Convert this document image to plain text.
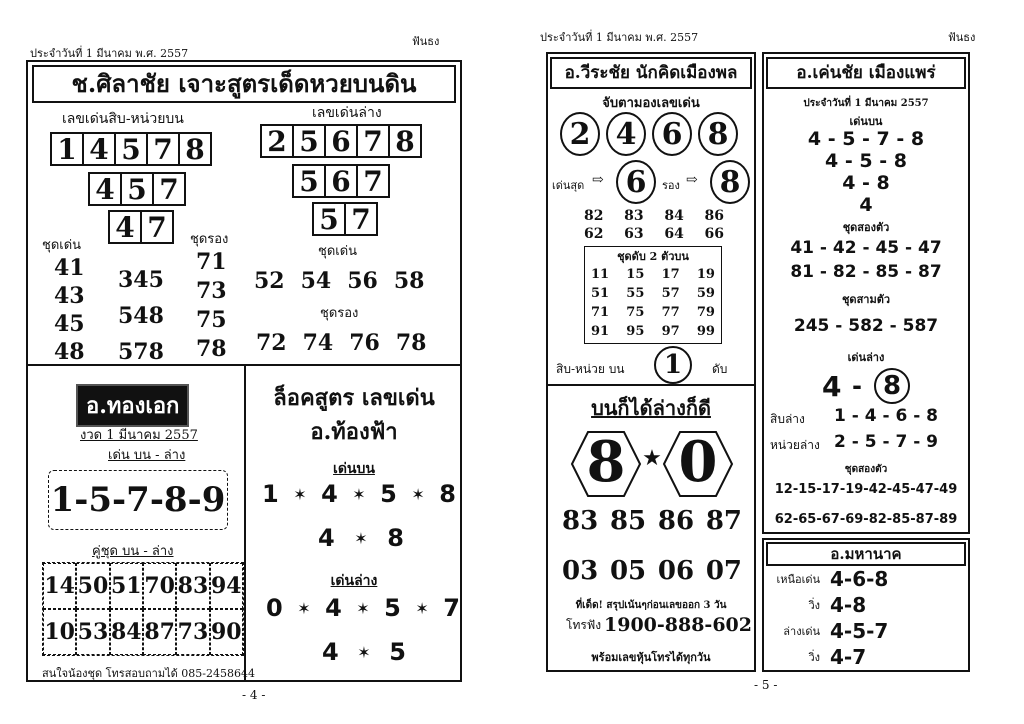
ประจำวันที่ 1 มีนาคม พ.ศ. 2557
ฟันธง
ช.ศิลาชัย เจาะสูตรเด็ดหวยบนดิน
เลขเด่นสิบ-หน่วยบน
1 4 5 7 8
4 5 7
4 7
เลขเด่นล่าง
2 5 6 7 8
5 6 7
5 7
ชุดเด่น	ชุดรอง
ชุดเด่น
ชุดรอง
41
43
45
48
345
548
578
71
73
75
78
52 54 56 58
72 74 76 78
อ.ทองเอก
งวด 1 มีนาคม 2557
เด่น บน - ล่าง
1-5-7-8-9
คู่ชุด บน - ล่าง
14 50 51 70 83 94
10 53 84 87 73 90
สนใจน้องชุด โทรสอบถามได้ 085-2458644
ล็อคสูตร เลขเด่น
อ.ท้องฟ้า
เด่นบน
1 ✶ 4 ✶ 5 ✶ 8
4 ✶ 8
เด่นล่าง
0 ✶ 4 ✶ 5 ✶ 7
4 ✶ 5
- 4 -
ประจำวันที่ 1 มีนาคม พ.ศ. 2557	ฟันธง
อ.วีระชัย นักคิดเมืองพล
จับตามองเลขเด่น
2 4 6 8
เด่นสุด ⇨ 6 รอง ⇨ 8
82 83 84 86
62 63 64 66
ชุดดับ 2 ตัวบน
11 15 17 19
51 55 57 59
71 75 77 79
91 95 97 99
สิบ-หน่วย บน 1 ดับ
บนก็ได้ล่างก็ดี
8 ★ 0
83 85 86 87
03 05 06 07
ที่เด็ด! สรุปเน้นๆก่อนเลขออก 3 วัน
โทรฟัง 1900-888-602
พร้อมเลขหุ้นโทรได้ทุกวัน
อ.เค่นชัย เมืองแพร่
ประจำวันที่ 1 มีนาคม 2557
เด่นบน
4 - 5 - 7 - 8
4 - 5 - 8
4 - 8
4
ชุดสองตัว
41 - 42 - 45 - 47
81 - 82 - 85 - 87
ชุดสามตัว
245 - 582 - 587
เด่นล่าง
4 - 8
สิบล่าง 1 - 4 - 6 - 8
หน่วยล่าง 2 - 5 - 7 - 9
ชุดสองตัว
12-15-17-19-42-45-47-49
62-65-67-69-82-85-87-89
อ.มหานาค
เหนือเด่น 4-6-8
วิ่ง 4-8
ล่างเด่น 4-5-7
วิ่ง 4-7
- 5 -
